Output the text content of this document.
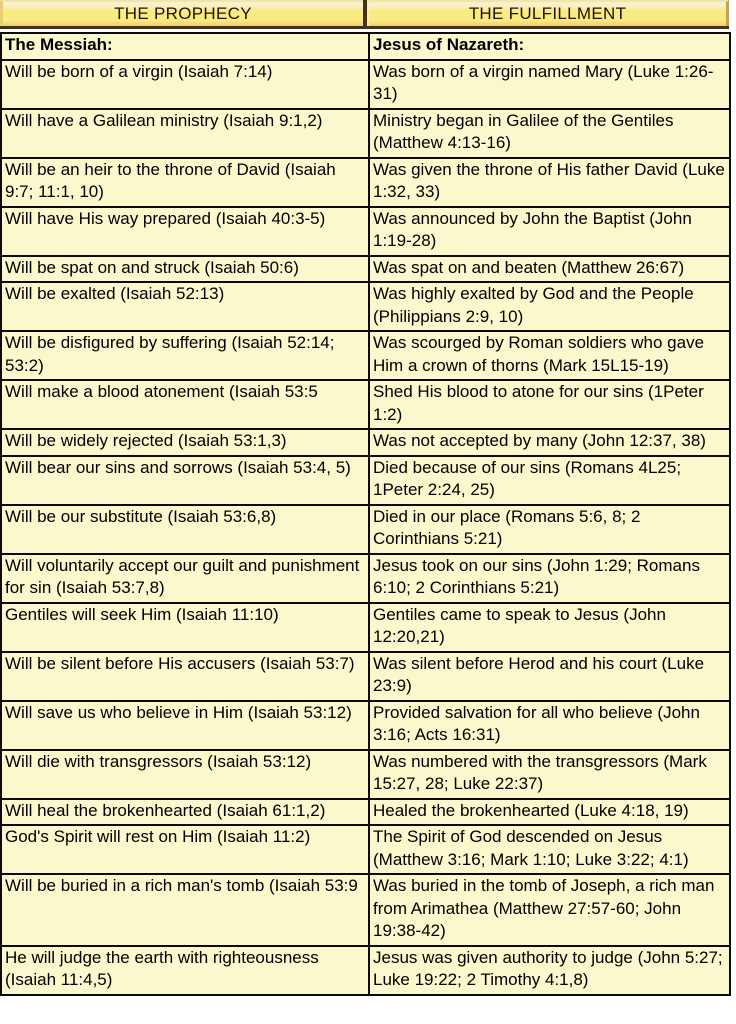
THE PROPHECY	THE FULFILLMENT
The Messiah:	Jesus of Nazareth:
Will be born of a virgin (Isaiah 7:14)	Was born of a virgin named Mary (Luke 1:26-31)
Will have a Galilean ministry (Isaiah 9:1,2)	Ministry began in Galilee of the Gentiles (Matthew 4:13-16)
Will be an heir to the throne of David (Isaiah 9:7; 11:1, 10)	Was given the throne of His father David (Luke 1:32, 33)
Will have His way prepared (Isaiah 40:3-5)	Was announced by John the Baptist (John 1:19-28)
Will be spat on and struck (Isaiah 50:6)	Was spat on and beaten (Matthew 26:67)
Will be exalted (Isaiah 52:13)	Was highly exalted by God and the People (Philippians 2:9, 10)
Will be disfigured by suffering (Isaiah 52:14; 53:2)	Was scourged by Roman soldiers who gave Him a crown of thorns (Mark 15L15-19)
Will make a blood atonement (Isaiah 53:5	Shed His blood to atone for our sins (1Peter 1:2)
Will be widely rejected (Isaiah 53:1,3)	Was not accepted by many (John 12:37, 38)
Will bear our sins and sorrows (Isaiah 53:4, 5)	Died because of our sins (Romans 4L25; 1Peter 2:24, 25)
Will be our substitute (Isaiah 53:6,8)	Died in our place (Romans 5:6, 8; 2 Corinthians 5:21)
Will voluntarily accept our guilt and punishment for sin (Isaiah 53:7,8)	Jesus took on our sins (John 1:29; Romans 6:10; 2 Corinthians 5:21)
Gentiles will seek Him (Isaiah 11:10)	Gentiles came to speak to Jesus (John 12:20,21)
Will be silent before His accusers (Isaiah 53:7)	Was silent before Herod and his court (Luke 23:9)
Will save us who believe in Him (Isaiah 53:12)	Provided salvation for all who believe (John 3:16; Acts 16:31)
Will die with transgressors (Isaiah 53:12)	Was numbered with the transgressors (Mark 15:27, 28; Luke 22:37)
Will heal the brokenhearted (Isaiah 61:1,2)	Healed the brokenhearted (Luke 4:18, 19)
God's Spirit will rest on Him (Isaiah 11:2)	The Spirit of God descended on Jesus (Matthew 3:16; Mark 1:10; Luke 3:22; 4:1)
Will be buried in a rich man's tomb (Isaiah 53:9	Was buried in the tomb of Joseph, a rich man from Arimathea (Matthew 27:57-60; John 19:38-42)
He will judge the earth with righteousness (Isaiah 11:4,5)	Jesus was given authority to judge (John 5:27; Luke 19:22; 2 Timothy 4:1,8)
